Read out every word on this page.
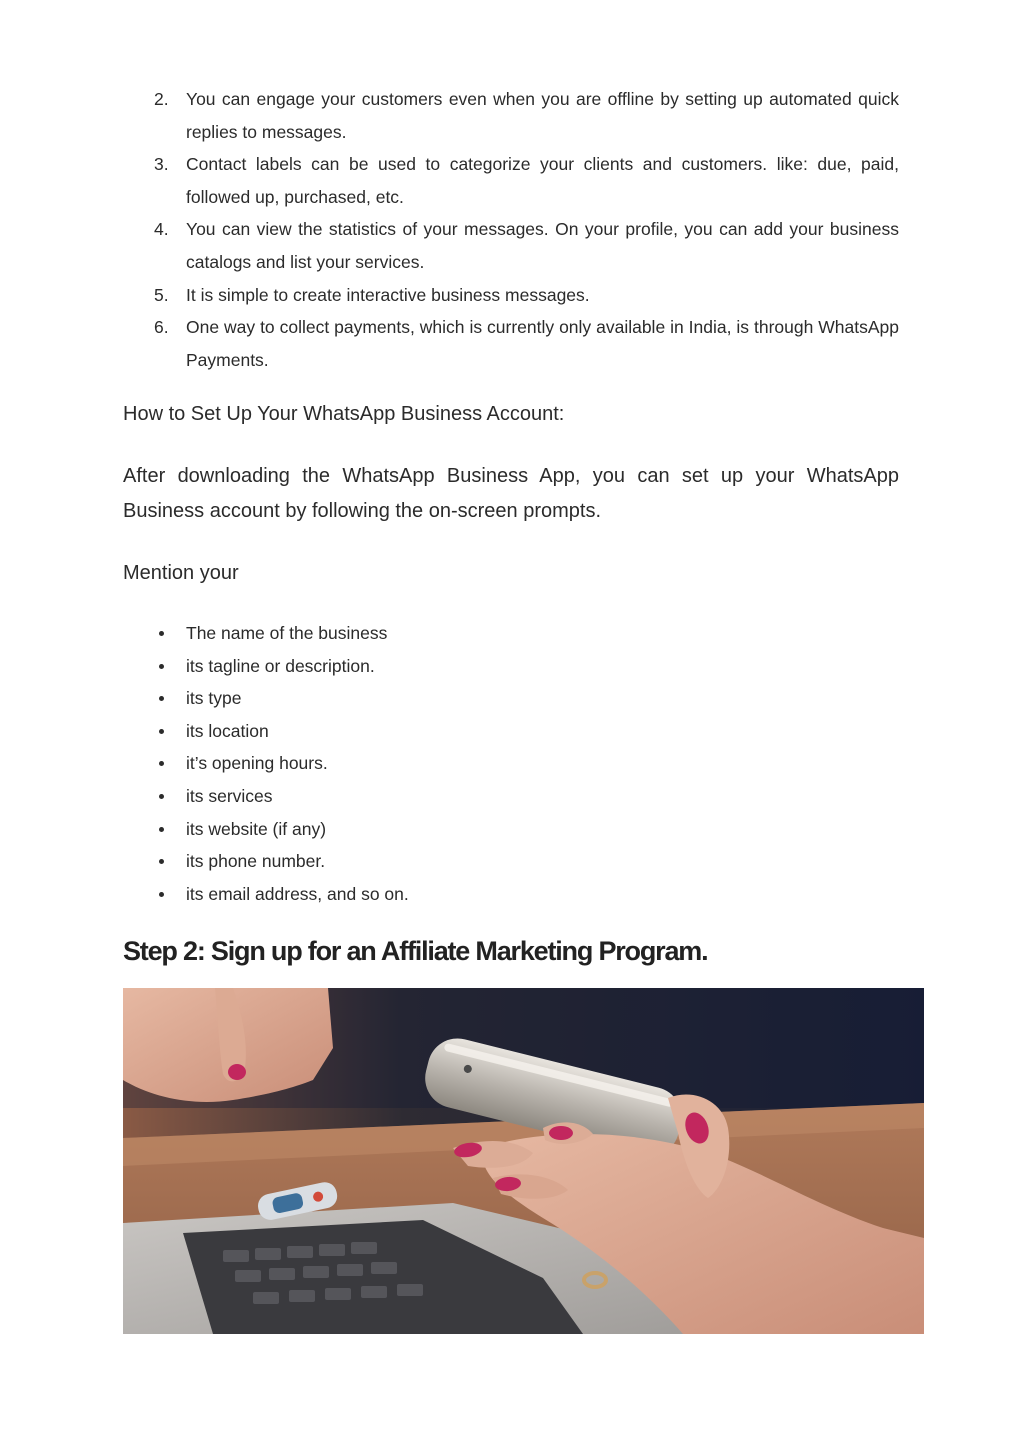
2. You can engage your customers even when you are offline by setting up automated quick replies to messages.
3. Contact labels can be used to categorize your clients and customers. like: due, paid, followed up, purchased, etc.
4. You can view the statistics of your messages. On your profile, you can add your business catalogs and list your services.
5. It is simple to create interactive business messages.
6. One way to collect payments, which is currently only available in India, is through WhatsApp Payments.

How to Set Up Your WhatsApp Business Account:

After downloading the WhatsApp Business App, you can set up your WhatsApp Business account by following the on-screen prompts.

Mention your

The name of the business
its tagline or description.
its type
its location
it’s opening hours.
its services
its website (if any)
its phone number.
its email address, and so on.
Step 2: Sign up for an Affiliate Marketing Program.
